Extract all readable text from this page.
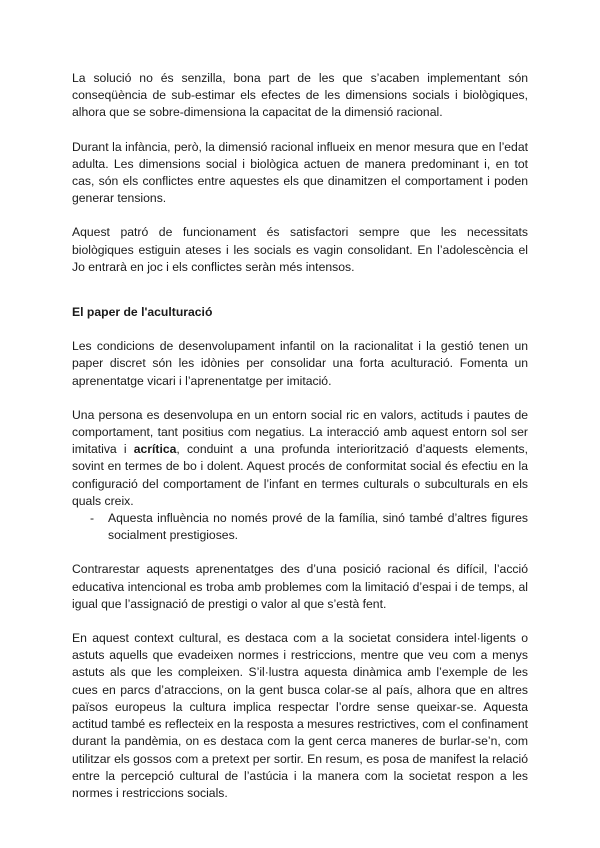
La solució no és senzilla, bona part de les que s’acaben implementant són conseqüència de sub-estimar els efectes de les dimensions socials i biològiques, alhora que se sobre-dimensiona la capacitat de la dimensió racional.

Durant la infància, però, la dimensió racional influeix en menor mesura que en l’edat adulta. Les dimensions social i biològica actuen de manera predominant i, en tot cas, són els conflictes entre aquestes els que dinamitzen el comportament i poden generar tensions.

Aquest patró de funcionament és satisfactori sempre que les necessitats biològiques estiguin ateses i les socials es vagin consolidant. En l’adolescència el Jo entrarà en joc i els conflictes seràn més intensos.

El paper de l'aculturació

Les condicions de desenvolupament infantil on la racionalitat i la gestió tenen un paper discret són les idònies per consolidar una forta aculturació. Fomenta un aprenentatge vicari i l’aprenentatge per imitació.

Una persona es desenvolupa en un entorn social ric en valors, actituds i pautes de comportament, tant positius com negatius. La interacció amb aquest entorn sol ser imitativa i acrítica, conduint a una profunda interiorització d’aquests elements, sovint en termes de bo i dolent. Aquest procés de conformitat social és efectiu en la configuració del comportament de l’infant en termes culturals o subculturals en els quals creix.

- Aquesta influència no només prové de la família, sinó també d’altres figures socialment prestigioses.

Contrarestar aquests aprenentatges des d’una posició racional és difícil, l’acció educativa intencional es troba amb problemes com la limitació d’espai i de temps, al igual que l’assignació de prestigi o valor al que s’està fent.

En aquest context cultural, es destaca com a la societat considera intel·ligents o astuts aquells que evadeixen normes i restriccions, mentre que veu com a menys astuts als que les compleixen. S’il·lustra aquesta dinàmica amb l’exemple de les cues en parcs d’atraccions, on la gent busca colar-se al país, alhora que en altres països europeus la cultura implica respectar l’ordre sense queixar-se. Aquesta actitud també es reflecteix en la resposta a mesures restrictives, com el confinament durant la pandèmia, on es destaca com la gent cerca maneres de burlar-se’n, com utilitzar els gossos com a pretext per sortir. En resum, es posa de manifest la relació entre la percepció cultural de l’astúcia i la manera com la societat respon a les normes i restriccions socials.
